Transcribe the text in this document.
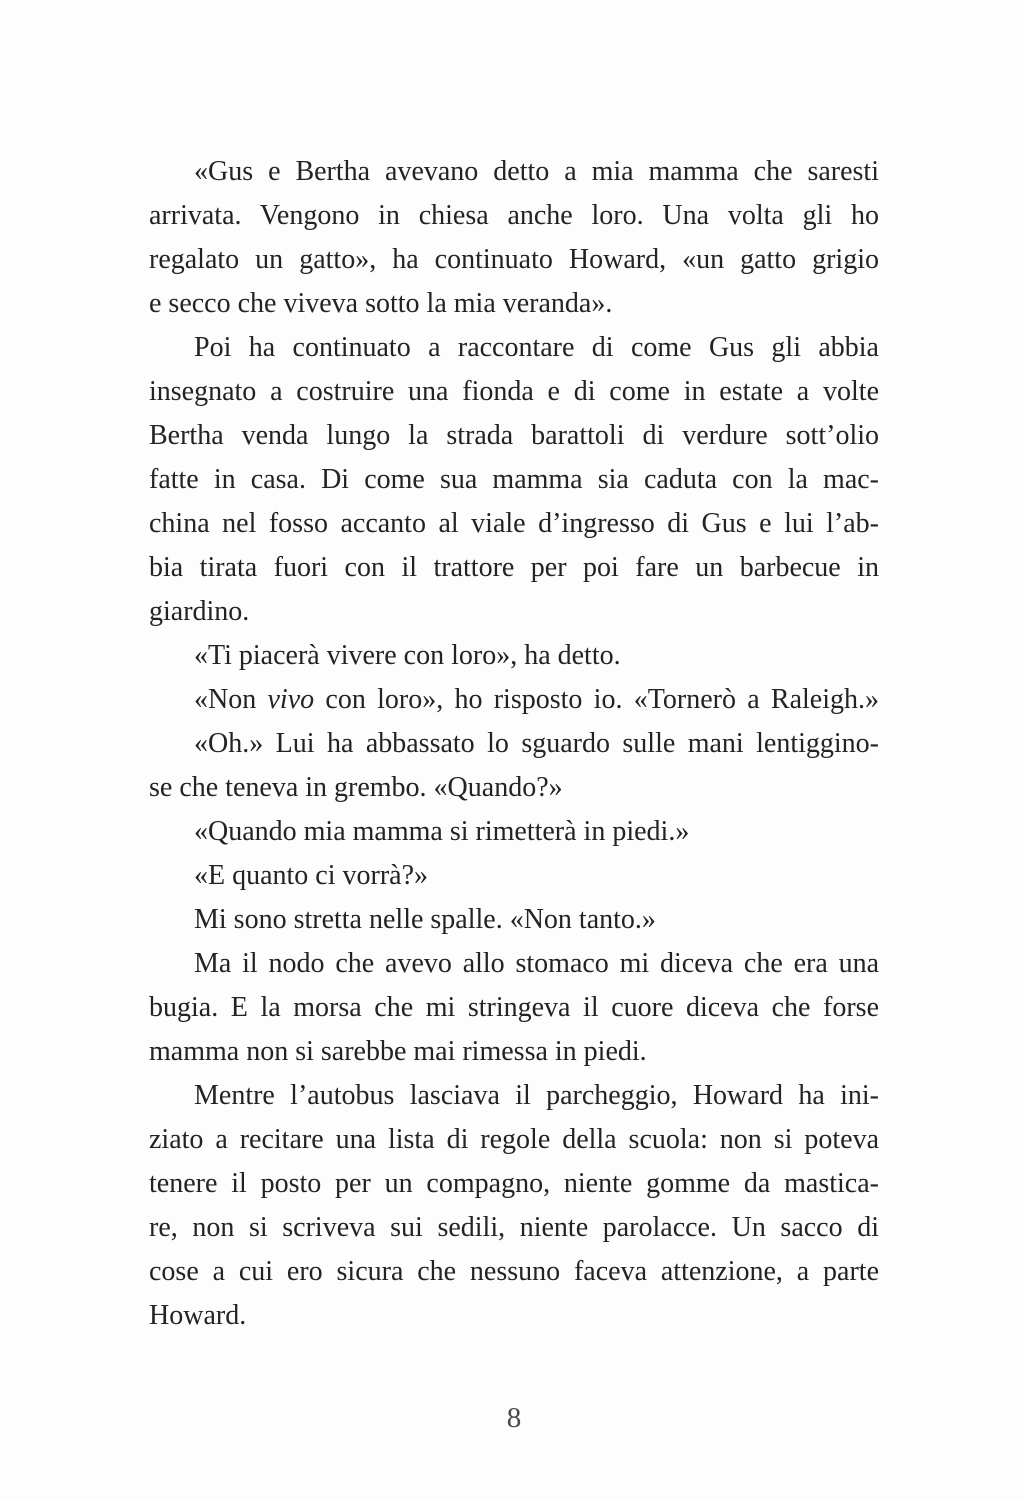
«Gus e Bertha avevano detto a mia mamma che saresti
arrivata. Vengono in chiesa anche loro. Una volta gli ho
regalato un gatto», ha continuato Howard, «un gatto grigio
e secco che viveva sotto la mia veranda».
Poi ha continuato a raccontare di come Gus gli abbia
insegnato a costruire una fionda e di come in estate a volte
Bertha venda lungo la strada barattoli di verdure sott’olio
fatte in casa. Di come sua mamma sia caduta con la mac-
china nel fosso accanto al viale d’ingresso di Gus e lui l’ab-
bia tirata fuori con il trattore per poi fare un barbecue in
giardino.
«Ti piacerà vivere con loro», ha detto.
«Non vivo con loro», ho risposto io. «Tornerò a Raleigh.»
«Oh.» Lui ha abbassato lo sguardo sulle mani lentiggino-
se che teneva in grembo. «Quando?»
«Quando mia mamma si rimetterà in piedi.»
«E quanto ci vorrà?»
Mi sono stretta nelle spalle. «Non tanto.»
Ma il nodo che avevo allo stomaco mi diceva che era una
bugia. E la morsa che mi stringeva il cuore diceva che forse
mamma non si sarebbe mai rimessa in piedi.
Mentre l’autobus lasciava il parcheggio, Howard ha ini-
ziato a recitare una lista di regole della scuola: non si poteva
tenere il posto per un compagno, niente gomme da mastica-
re, non si scriveva sui sedili, niente parolacce. Un sacco di
cose a cui ero sicura che nessuno faceva attenzione, a parte
Howard.
8
